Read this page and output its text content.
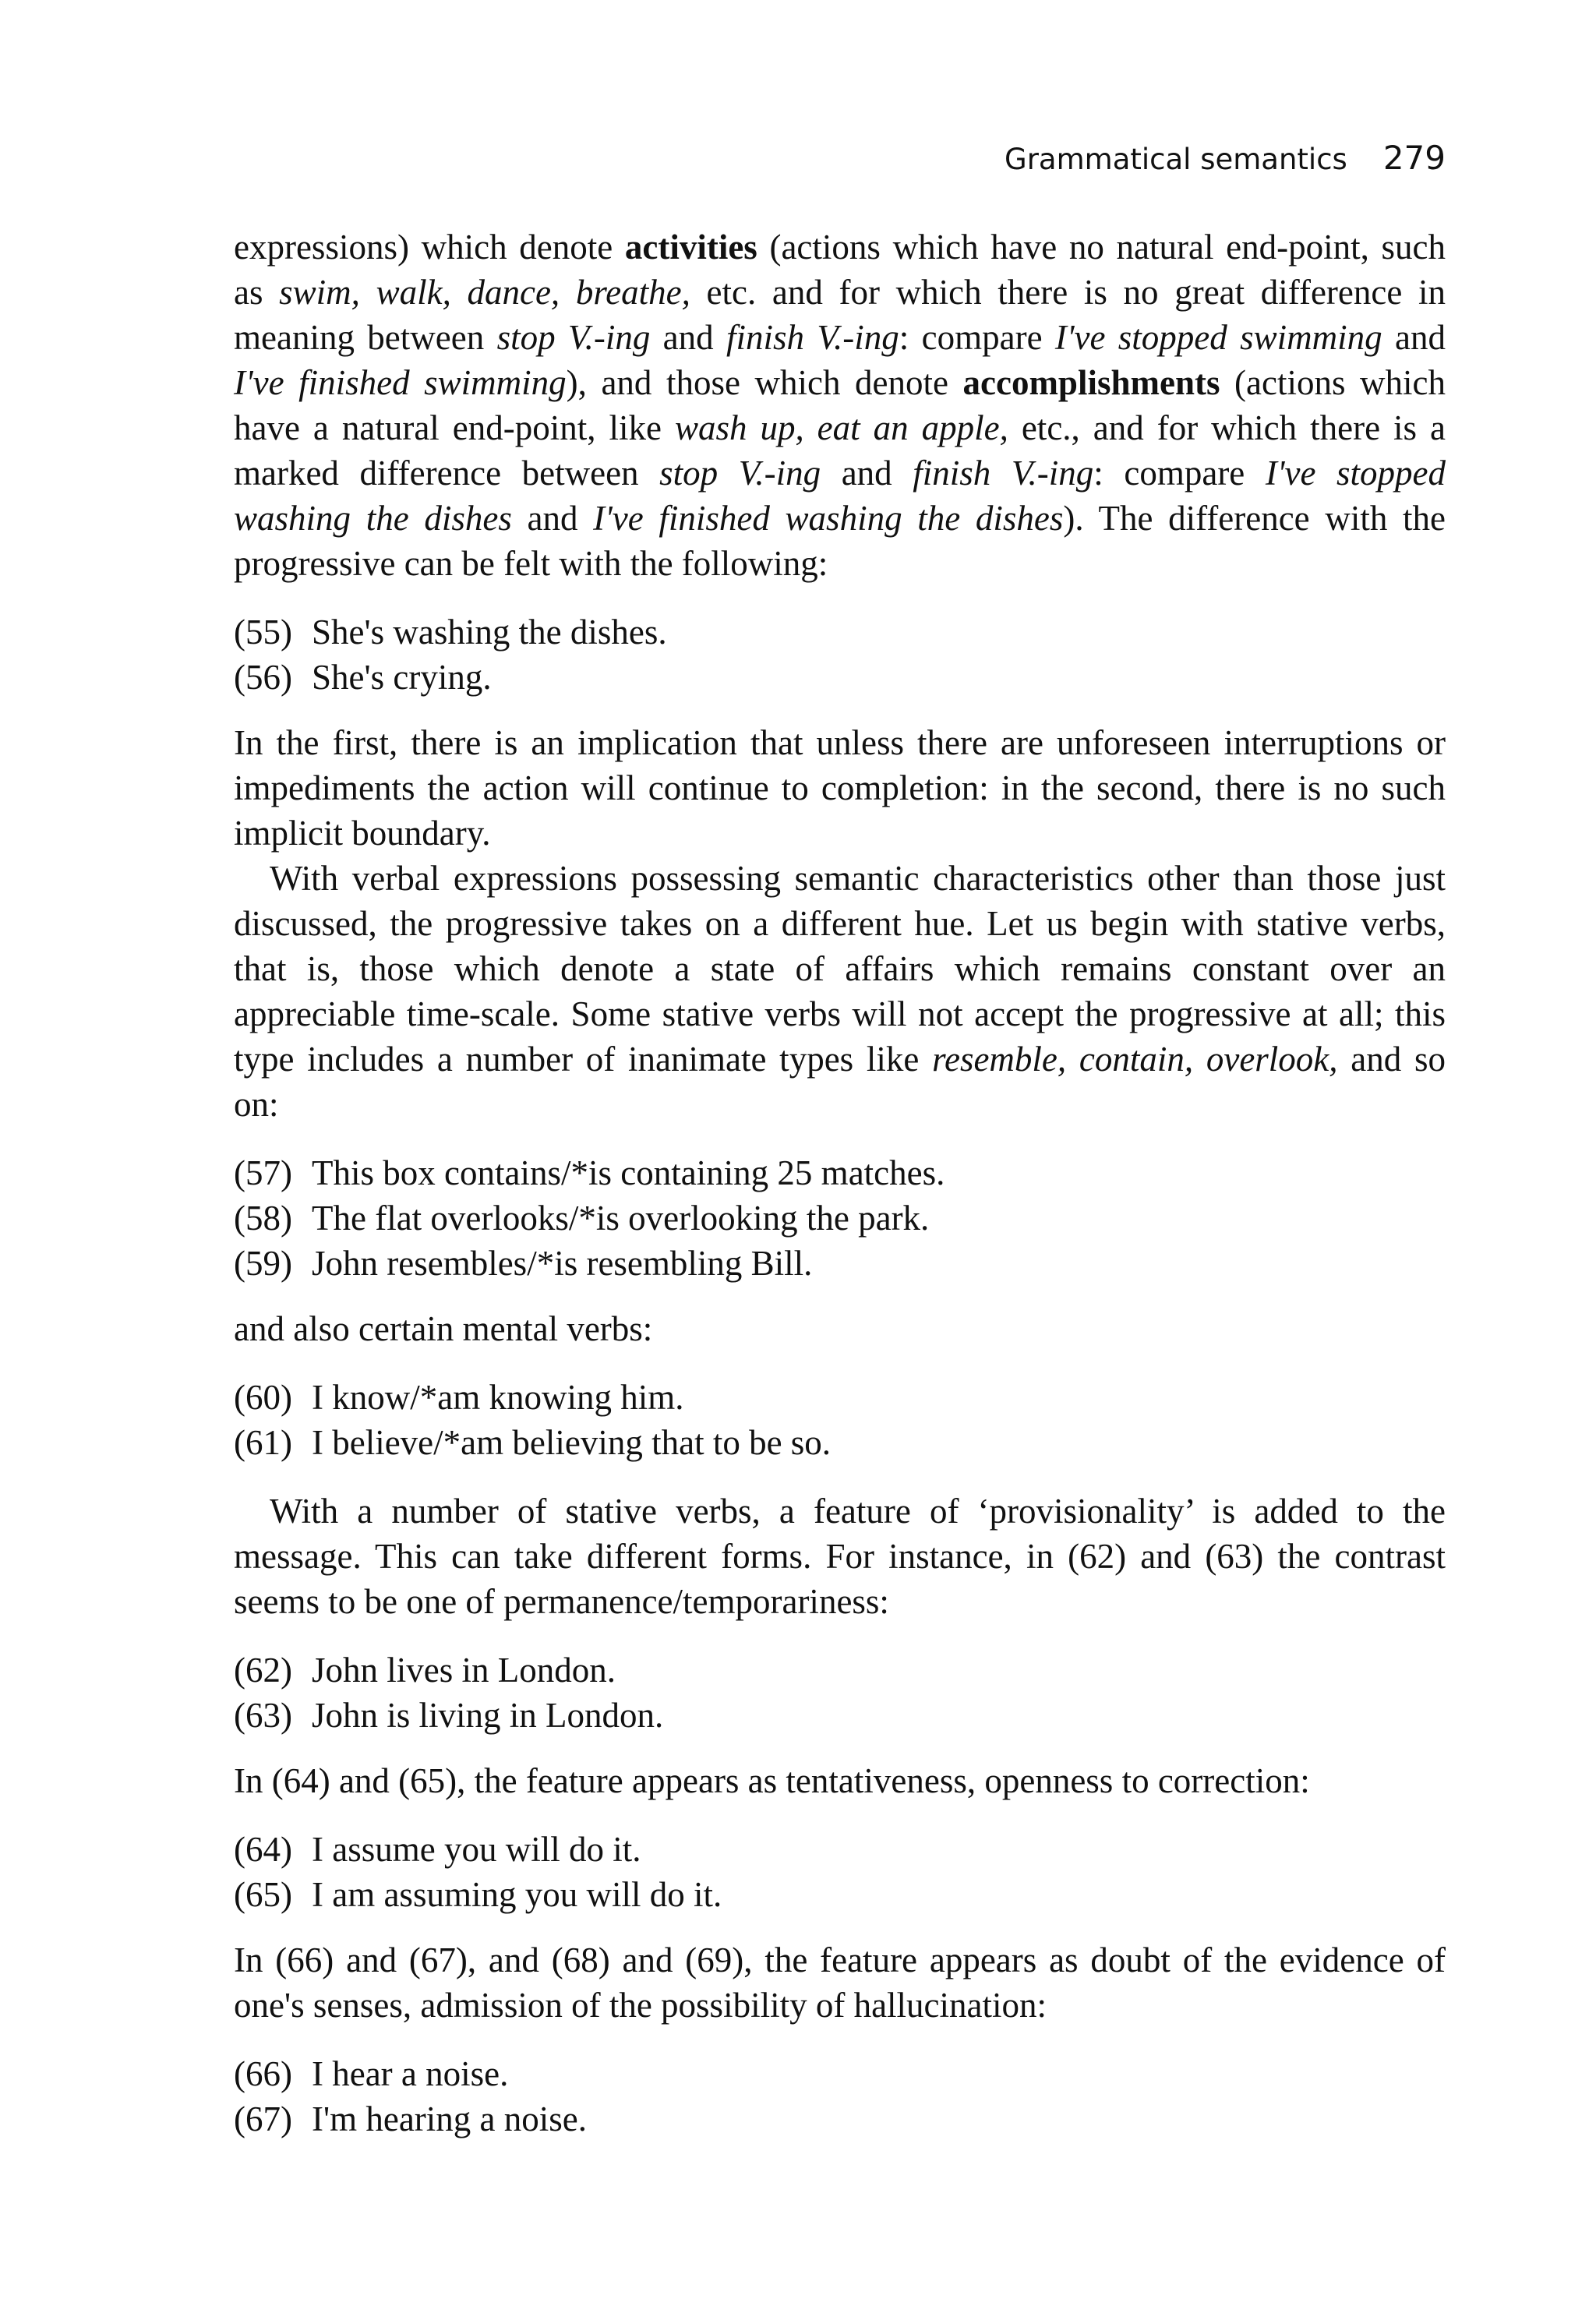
Grammatical semantics 279

expressions) which denote activities (actions which have no natural end-point, such as swim, walk, dance, breathe, etc. and for which there is no great difference in meaning between stop V.-ing and finish V.-ing: compare I've stopped swimming and I've finished swimming), and those which denote accomplishments (actions which have a natural end-point, like wash up, eat an apple, etc., and for which there is a marked difference between stop V.-ing and finish V.-ing: compare I've stopped washing the dishes and I've finished washing the dishes). The difference with the progressive can be felt with the following:

(55) She's washing the dishes.
(56) She's crying.

In the first, there is an implication that unless there are unforeseen interruptions or impediments the action will continue to completion: in the second, there is no such implicit boundary.

With verbal expressions possessing semantic characteristics other than those just discussed, the progressive takes on a different hue. Let us begin with stative verbs, that is, those which denote a state of affairs which remains constant over an appreciable time-scale. Some stative verbs will not accept the progressive at all; this type includes a number of inanimate types like resemble, contain, overlook, and so on:

(57) This box contains/*is containing 25 matches.
(58) The flat overlooks/*is overlooking the park.
(59) John resembles/*is resembling Bill.

and also certain mental verbs:

(60) I know/*am knowing him.
(61) I believe/*am believing that to be so.

With a number of stative verbs, a feature of ‘provisionality’ is added to the message. This can take different forms. For instance, in (62) and (63) the contrast seems to be one of permanence/temporariness:

(62) John lives in London.
(63) John is living in London.

In (64) and (65), the feature appears as tentativeness, openness to correction:

(64) I assume you will do it.
(65) I am assuming you will do it.

In (66) and (67), and (68) and (69), the feature appears as doubt of the evidence of one's senses, admission of the possibility of hallucination:

(66) I hear a noise.
(67) I'm hearing a noise.
